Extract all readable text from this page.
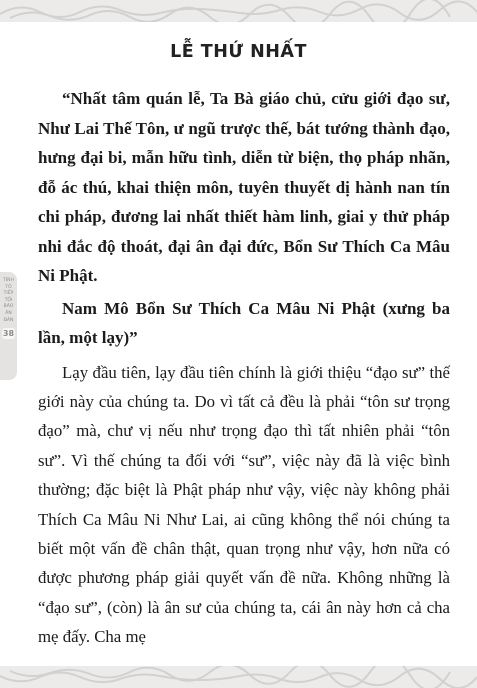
TỊNH
TÔ
TIẾP
TỐI
BÁO
ÂN
ĐÀN
38
LỄ THỨ NHẤT

“Nhất tâm quán lễ, Ta Bà giáo chủ, cửu giới đạo sư, Như Lai Thế Tôn, ư ngũ trược thế, bát tướng thành đạo, hưng đại bi, mẫn hữu tình, diễn từ biện, thọ pháp nhãn, đỗ ác thú, khai thiện môn, tuyên thuyết dị hành nan tín chi pháp, đương lai nhất thiết hàm linh, giai y thử pháp nhi đắc độ thoát, đại ân đại đức, Bổn Sư Thích Ca Mâu Ni Phật.

Nam Mô Bổn Sư Thích Ca Mâu Ni Phật (xưng ba lần, một lạy)”

Lạy đầu tiên, lạy đầu tiên chính là giới thiệu “đạo sư” thế giới này của chúng ta. Do vì tất cả đều là phải “tôn sư trọng đạo” mà, chư vị nếu như trọng đạo thì tất nhiên phải “tôn sư”. Vì thế chúng ta đối với “sư”, việc này đã là việc bình thường; đặc biệt là Phật pháp như vậy, việc này không phải Thích Ca Mâu Ni Như Lai, ai cũng không thể nói chúng ta biết một vấn đề chân thật, quan trọng như vậy, hơn nữa có được phương pháp giải quyết vấn đề nữa. Không những là “đạo sư”, (còn) là ân sư của chúng ta, cái ân này hơn cả cha mẹ đấy. Cha mẹ
